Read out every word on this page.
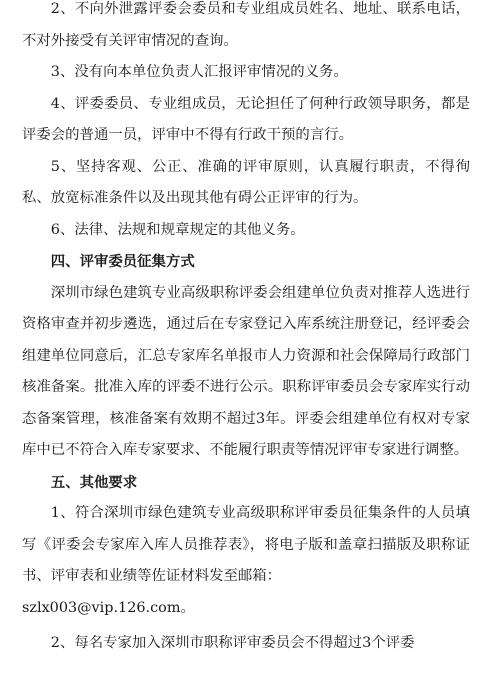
2、不向外泄露评委会委员和专业组成员姓名、地址、联系电话，不对外接受有关评审情况的查询。

3、没有向本单位负责人汇报评审情况的义务。

4、评委委员、专业组成员，无论担任了何种行政领导职务，都是评委会的普通一员，评审中不得有行政干预的言行。

5、坚持客观、公正、准确的评审原则，认真履行职责，不得徇私、放宽标准条件以及出现其他有碍公正评审的行为。

6、法律、法规和规章规定的其他义务。

四、评审委员征集方式

深圳市绿色建筑专业高级职称评委会组建单位负责对推荐人选进行资格审查并初步遴选，通过后在专家登记入库系统注册登记，经评委会组建单位同意后，汇总专家库名单报市人力资源和社会保障局行政部门核准备案。批准入库的评委不进行公示。职称评审委员会专家库实行动态备案管理，核准备案有效期不超过3年。评委会组建单位有权对专家库中已不符合入库专家要求、不能履行职责等情况评审专家进行调整。

五、其他要求

1、符合深圳市绿色建筑专业高级职称评审委员征集条件的人员填写《评委会专家库入库人员推荐表》，将电子版和盖章扫描版及职称证书、评审表和业绩等佐证材料发至邮箱：

szlx003@vip.126.com。

2、每名专家加入深圳市职称评审委员会不得超过3个评委
